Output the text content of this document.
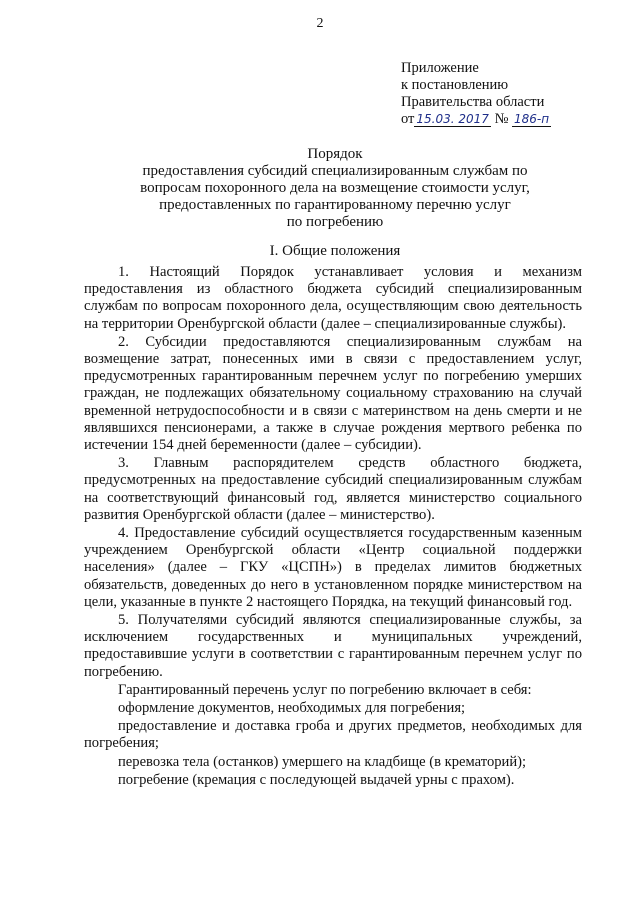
2
Приложение
к постановлению
Правительства области
от 15.03. 2017 № 186-п
Порядок
предоставления субсидий специализированным службам по
вопросам похоронного дела на возмещение стоимости услуг,
предоставленных по гарантированному перечню услуг
по погребению
I. Общие положения

1. Настоящий Порядок устанавливает условия и механизм предоставления из областного бюджета субсидий специализированным службам по вопросам похоронного дела, осуществляющим свою деятельность на территории Оренбургской области (далее – специализированные службы).

2. Субсидии предоставляются специализированным службам на возмещение затрат, понесенных ими в связи с предоставлением услуг, предусмотренных гарантированным перечнем услуг по погребению умерших граждан, не подлежащих обязательному социальному страхованию на случай временной нетрудоспособности и в связи с материнством на день смерти и не являвшихся пенсионерами, а также в случае рождения мертвого ребенка по истечении 154 дней беременности (далее – субсидии).

3. Главным распорядителем средств областного бюджета, предусмотренных на предоставление субсидий специализированным службам на соответствующий финансовый год, является министерство социального развития Оренбургской области (далее – министерство).

4. Предоставление субсидий осуществляется государственным казенным учреждением Оренбургской области «Центр социальной поддержки населения» (далее – ГКУ «ЦСПН») в пределах лимитов бюджетных обязательств, доведенных до него в установленном порядке министерством на цели, указанные в пункте 2 настоящего Порядка, на текущий финансовый год.

5. Получателями субсидий являются специализированные службы, за исключением государственных и муниципальных учреждений, предоставившие услуги в соответствии с гарантированным перечнем услуг по погребению.

Гарантированный перечень услуг по погребению включает в себя:

оформление документов, необходимых для погребения;

предоставление и доставка гроба и других предметов, необходимых для погребения;

перевозка тела (останков) умершего на кладбище (в крематорий);

погребение (кремация с последующей выдачей урны с прахом).
